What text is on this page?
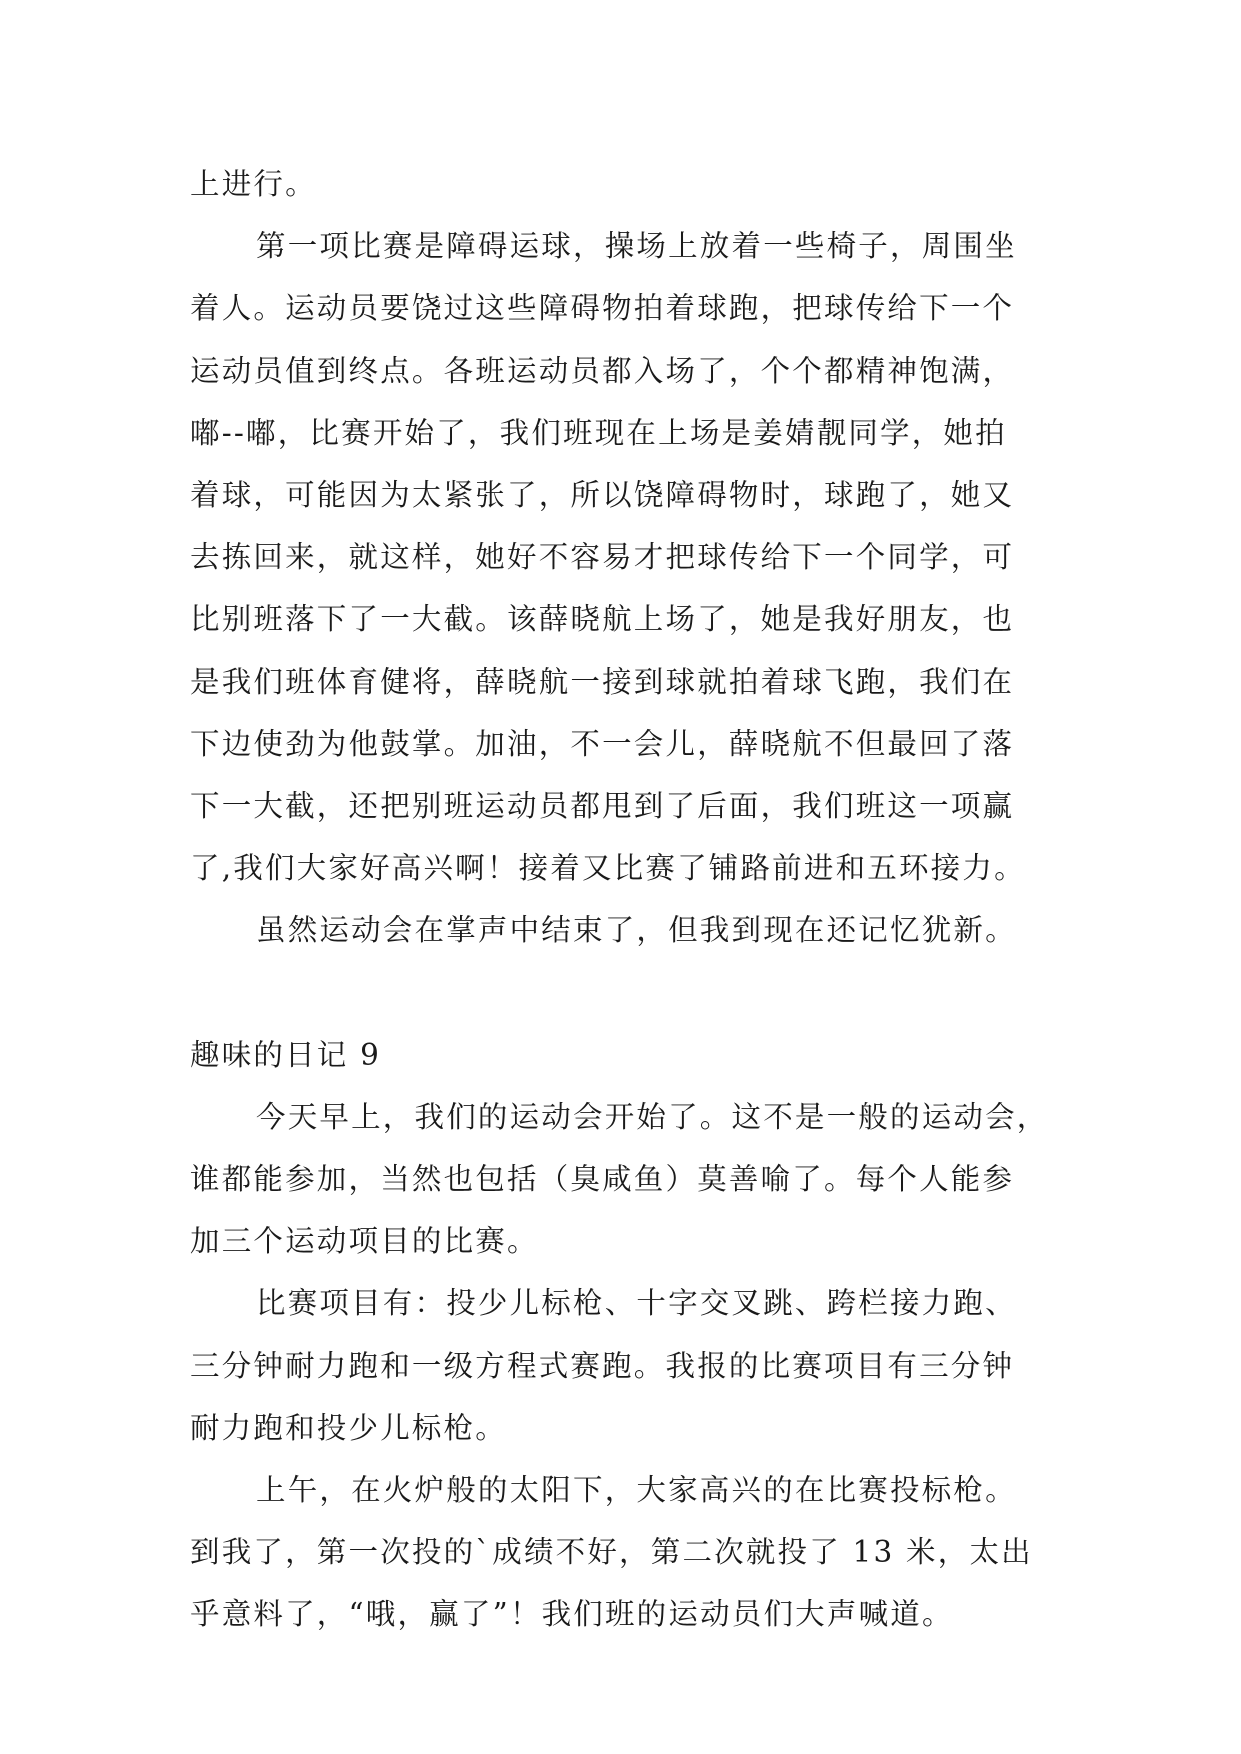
上进行。
第一项比赛是障碍运球，操场上放着一些椅子，周围坐
着人。运动员要饶过这些障碍物拍着球跑，把球传给下一个
运动员值到终点。各班运动员都入场了，个个都精神饱满，
嘟--嘟，比赛开始了，我们班现在上场是姜婧靓同学，她拍
着球，可能因为太紧张了，所以饶障碍物时，球跑了，她又
去拣回来，就这样，她好不容易才把球传给下一个同学，可
比别班落下了一大截。该薛晓航上场了，她是我好朋友，也
是我们班体育健将，薛晓航一接到球就拍着球飞跑，我们在
下边使劲为他鼓掌。加油，不一会儿，薛晓航不但最回了落
下一大截，还把别班运动员都甩到了后面，我们班这一项赢
了,我们大家好高兴啊！接着又比赛了铺路前进和五环接力。
虽然运动会在掌声中结束了，但我到现在还记忆犹新。
趣味的日记 9
今天早上，我们的运动会开始了。这不是一般的运动会，
谁都能参加，当然也包括（臭咸鱼）莫善喻了。每个人能参
加三个运动项目的比赛。
比赛项目有：投少儿标枪、十字交叉跳、跨栏接力跑、
三分钟耐力跑和一级方程式赛跑。我报的比赛项目有三分钟
耐力跑和投少儿标枪。
上午，在火炉般的太阳下，大家高兴的在比赛投标枪。
到我了，第一次投的`成绩不好，第二次就投了 13 米，太出
乎意料了，“哦，赢了”！我们班的运动员们大声喊道。
